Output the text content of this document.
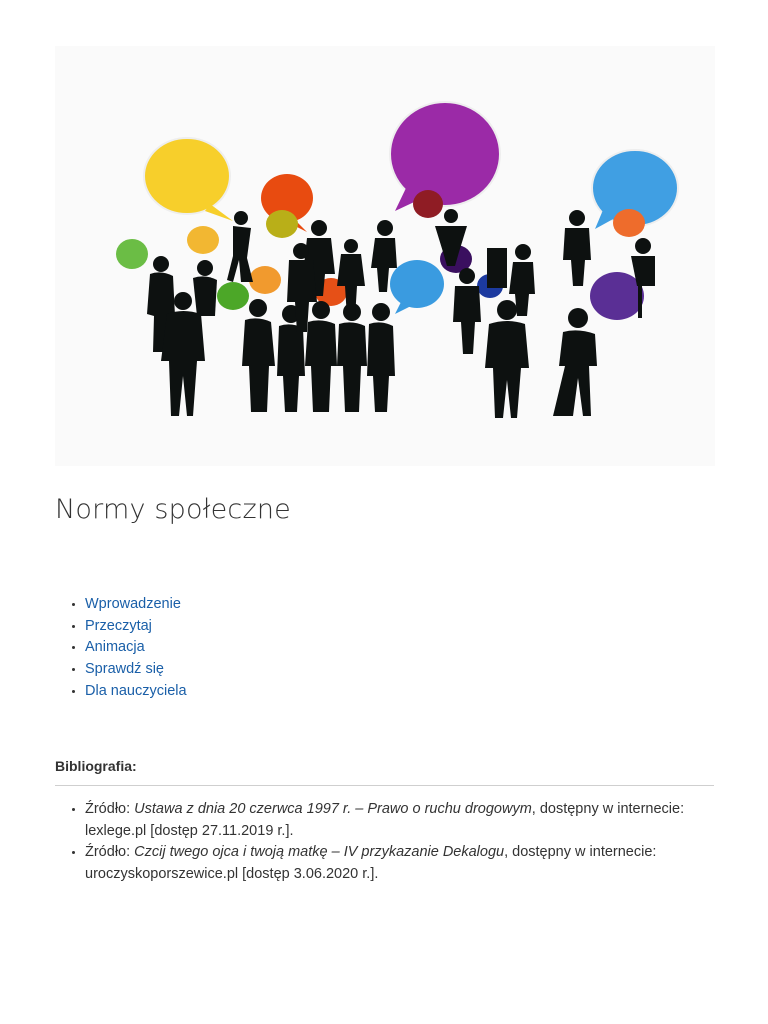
Normy społeczne
• Wprowadzenie
• Przeczytaj
• Animacja
• Sprawdź się
• Dla nauczyciela
Bibliografia:
• Źródło: Ustawa z dnia 20 czerwca 1997 r. – Prawo o ruchu drogowym, dostępny w internecie: lexlege.pl [dostęp 27.11.2019 r.].
• Źródło: Czcij twego ojca i twoją matkę – IV przykazanie Dekalogu, dostępny w internecie: uroczyskoporszewice.pl [dostęp 3.06.2020 r.].
